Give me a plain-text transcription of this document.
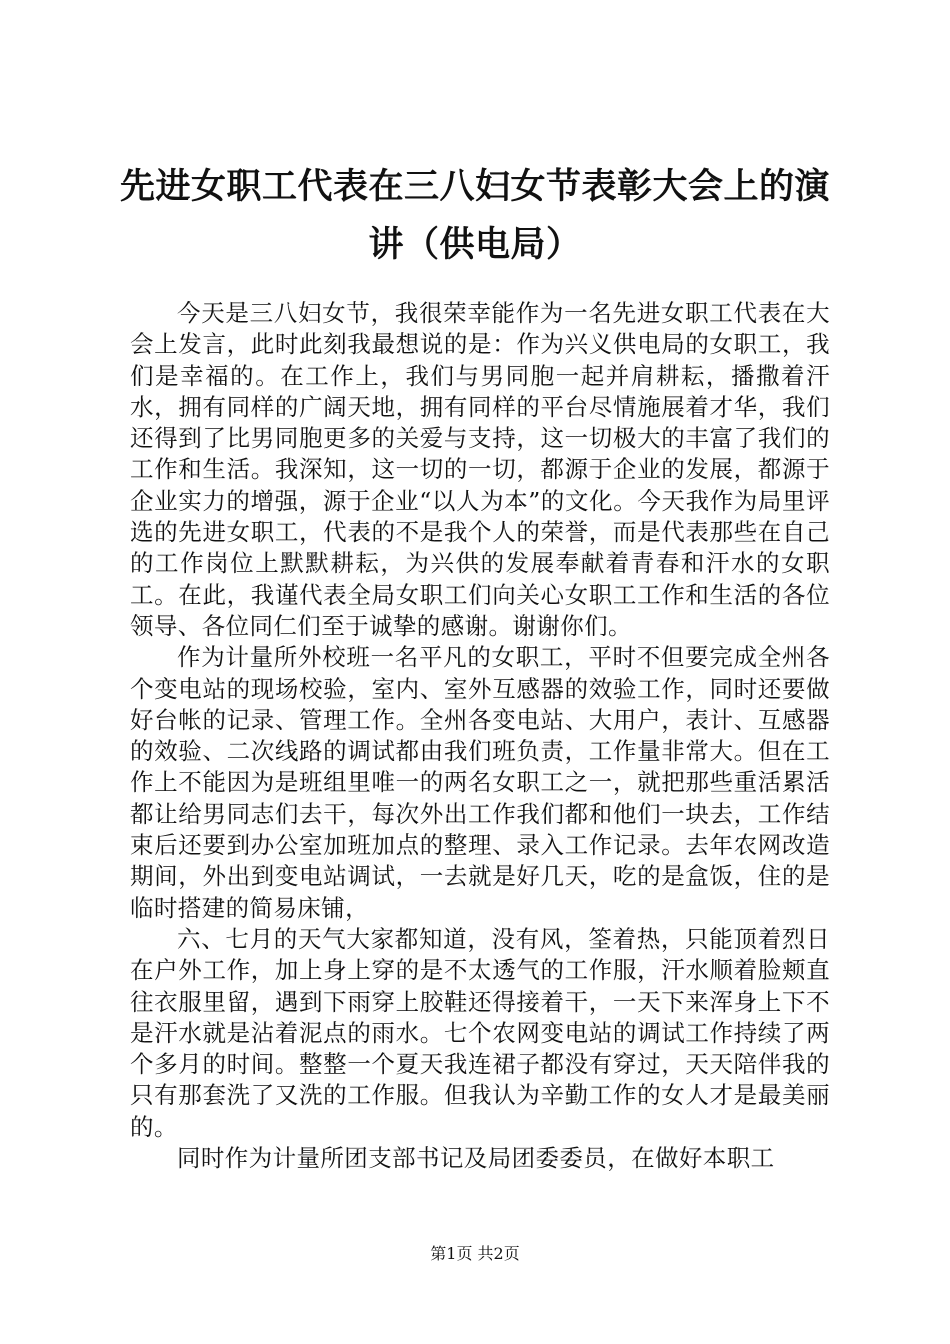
先进女职工代表在三八妇女节表彰大会上的演讲（供电局）

今天是三八妇女节，我很荣幸能作为一名先进女职工代表在大会上发言，此时此刻我最想说的是：作为兴义供电局的女职工，我们是幸福的。在工作上，我们与男同胞一起并肩耕耘，播撒着汗水，拥有同样的广阔天地，拥有同样的平台尽情施展着才华，我们还得到了比男同胞更多的关爱与支持，这一切极大的丰富了我们的工作和生活。我深知，这一切的一切，都源于企业的发展，都源于企业实力的增强，源于企业“以人为本”的文化。今天我作为局里评选的先进女职工，代表的不是我个人的荣誉，而是代表那些在自己的工作岗位上默默耕耘，为兴供的发展奉献着青春和汗水的女职工。在此，我谨代表全局女职工们向关心女职工工作和生活的各位领导、各位同仁们至于诚挚的感谢。谢谢你们。

作为计量所外校班一名平凡的女职工，平时不但要完成全州各个变电站的现场校验，室内、室外互感器的效验工作，同时还要做好台帐的记录、管理工作。全州各变电站、大用户，表计、互感器的效验、二次线路的调试都由我们班负责，工作量非常大。但在工作上不能因为是班组里唯一的两名女职工之一，就把那些重活累活都让给男同志们去干，每次外出工作我们都和他们一块去，工作结束后还要到办公室加班加点的整理、录入工作记录。去年农网改造期间，外出到变电站调试，一去就是好几天，吃的是盒饭，住的是临时搭建的简易床铺，

六、七月的天气大家都知道，没有风，筌着热，只能顶着烈日在户外工作，加上身上穿的是不太透气的工作服，汗水顺着脸颊直往衣服里留，遇到下雨穿上胶鞋还得接着干，一天下来浑身上下不是汗水就是沾着泥点的雨水。七个农网变电站的调试工作持续了两个多月的时间。整整一个夏天我连裙子都没有穿过，天天陪伴我的只有那套洗了又洗的工作服。但我认为辛勤工作的女人才是最美丽的。

同时作为计量所团支部书记及局团委委员，在做好本职工

第1页 共2页
